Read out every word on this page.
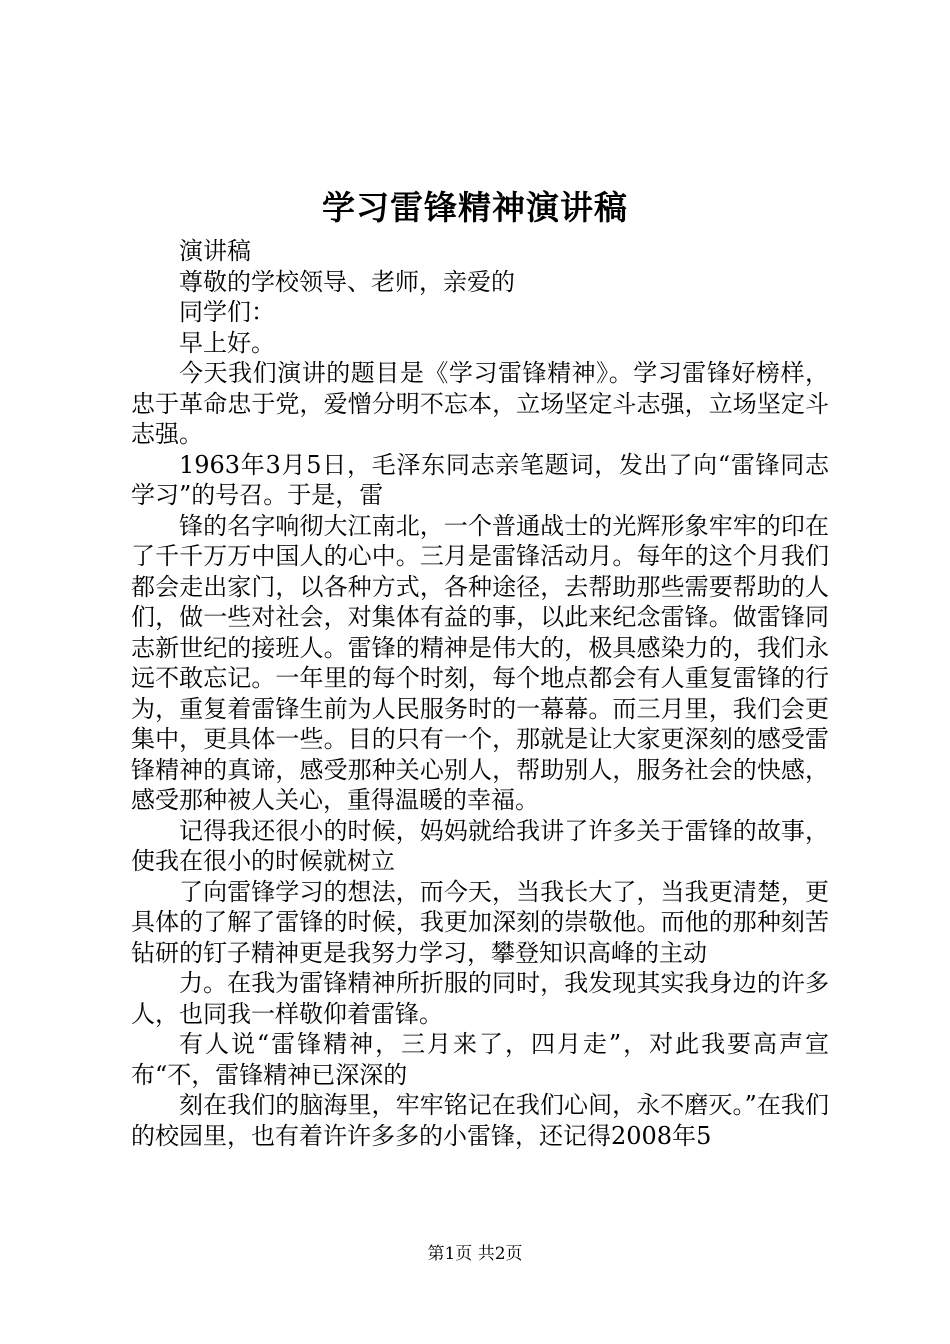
学习雷锋精神演讲稿

演讲稿

尊敬的学校领导、老师，亲爱的

同学们：

早上好。

今天我们演讲的题目是《学习雷锋精神》。学习雷锋好榜样，忠于革命忠于党，爱憎分明不忘本，立场坚定斗志强，立场坚定斗志强。

1963年3月5日，毛泽东同志亲笔题词，发出了向“雷锋同志学习”的号召。于是，雷

锋的名字响彻大江南北，一个普通战士的光辉形象牢牢的印在了千千万万中国人的心中。三月是雷锋活动月。每年的这个月我们都会走出家门，以各种方式，各种途径，去帮助那些需要帮助的人们，做一些对社会，对集体有益的事，以此来纪念雷锋。做雷锋同志新世纪的接班人。雷锋的精神是伟大的，极具感染力的，我们永远不敢忘记。一年里的每个时刻，每个地点都会有人重复雷锋的行为，重复着雷锋生前为人民服务时的一幕幕。而三月里，我们会更集中，更具体一些。目的只有一个，那就是让大家更深刻的感受雷锋精神的真谛，感受那种关心别人，帮助别人，服务社会的快感，感受那种被人关心，重得温暖的幸福。

记得我还很小的时候，妈妈就给我讲了许多关于雷锋的故事，使我在很小的时候就树立

了向雷锋学习的想法，而今天，当我长大了，当我更清楚，更具体的了解了雷锋的时候，我更加深刻的崇敬他。而他的那种刻苦钻研的钉子精神更是我努力学习，攀登知识高峰的主动

力。在我为雷锋精神所折服的同时，我发现其实我身边的许多人，也同我一样敬仰着雷锋。

有人说“雷锋精神，三月来了，四月走”，对此我要高声宣布“不，雷锋精神已深深的

刻在我们的脑海里，牢牢铭记在我们心间，永不磨灭。”在我们的校园里，也有着许许多多的小雷锋，还记得2008年5

第1页 共2页
